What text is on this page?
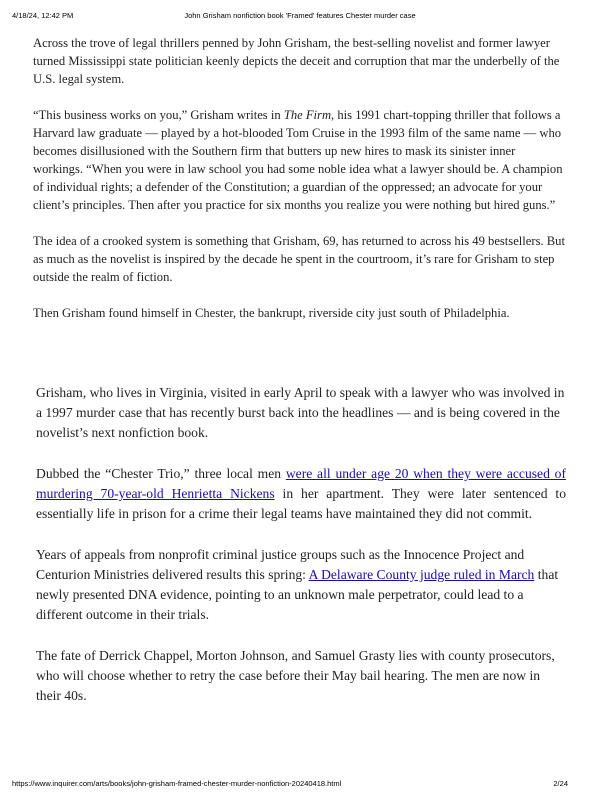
4/18/24, 12:42 PM	John Grisham nonfiction book 'Framed' features Chester murder case

Across the trove of legal thrillers penned by John Grisham, the best-selling novelist and former lawyer turned Mississippi state politician keenly depicts the deceit and corruption that mar the underbelly of the U.S. legal system.

“This business works on you,” Grisham writes in The Firm, his 1991 chart-topping thriller that follows a Harvard law graduate — played by a hot-blooded Tom Cruise in the 1993 film of the same name — who becomes disillusioned with the Southern firm that butters up new hires to mask its sinister inner workings. “When you were in law school you had some noble idea what a lawyer should be. A champion of individual rights; a defender of the Constitution; a guardian of the oppressed; an advocate for your client’s principles. Then after you practice for six months you realize you were nothing but hired guns.”

The idea of a crooked system is something that Grisham, 69, has returned to across his 49 bestsellers. But as much as the novelist is inspired by the decade he spent in the courtroom, it’s rare for Grisham to step outside the realm of fiction.

Then Grisham found himself in Chester, the bankrupt, riverside city just south of Philadelphia.

Grisham, who lives in Virginia, visited in early April to speak with a lawyer who was involved in a 1997 murder case that has recently burst back into the headlines — and is being covered in the novelist’s next nonfiction book.

Dubbed the “Chester Trio,” three local men were all under age 20 when they were accused of murdering 70-year-old Henrietta Nickens in her apartment. They were later sentenced to essentially life in prison for a crime their legal teams have maintained they did not commit.

Years of appeals from nonprofit criminal justice groups such as the Innocence Project and Centurion Ministries delivered results this spring: A Delaware County judge ruled in March that newly presented DNA evidence, pointing to an unknown male perpetrator, could lead to a different outcome in their trials.

The fate of Derrick Chappel, Morton Johnson, and Samuel Grasty lies with county prosecutors, who will choose whether to retry the case before their May bail hearing. The men are now in their 40s.

https://www.inquirer.com/arts/books/john-grisham-framed-chester-murder-nonfiction-20240418.html	2/24
